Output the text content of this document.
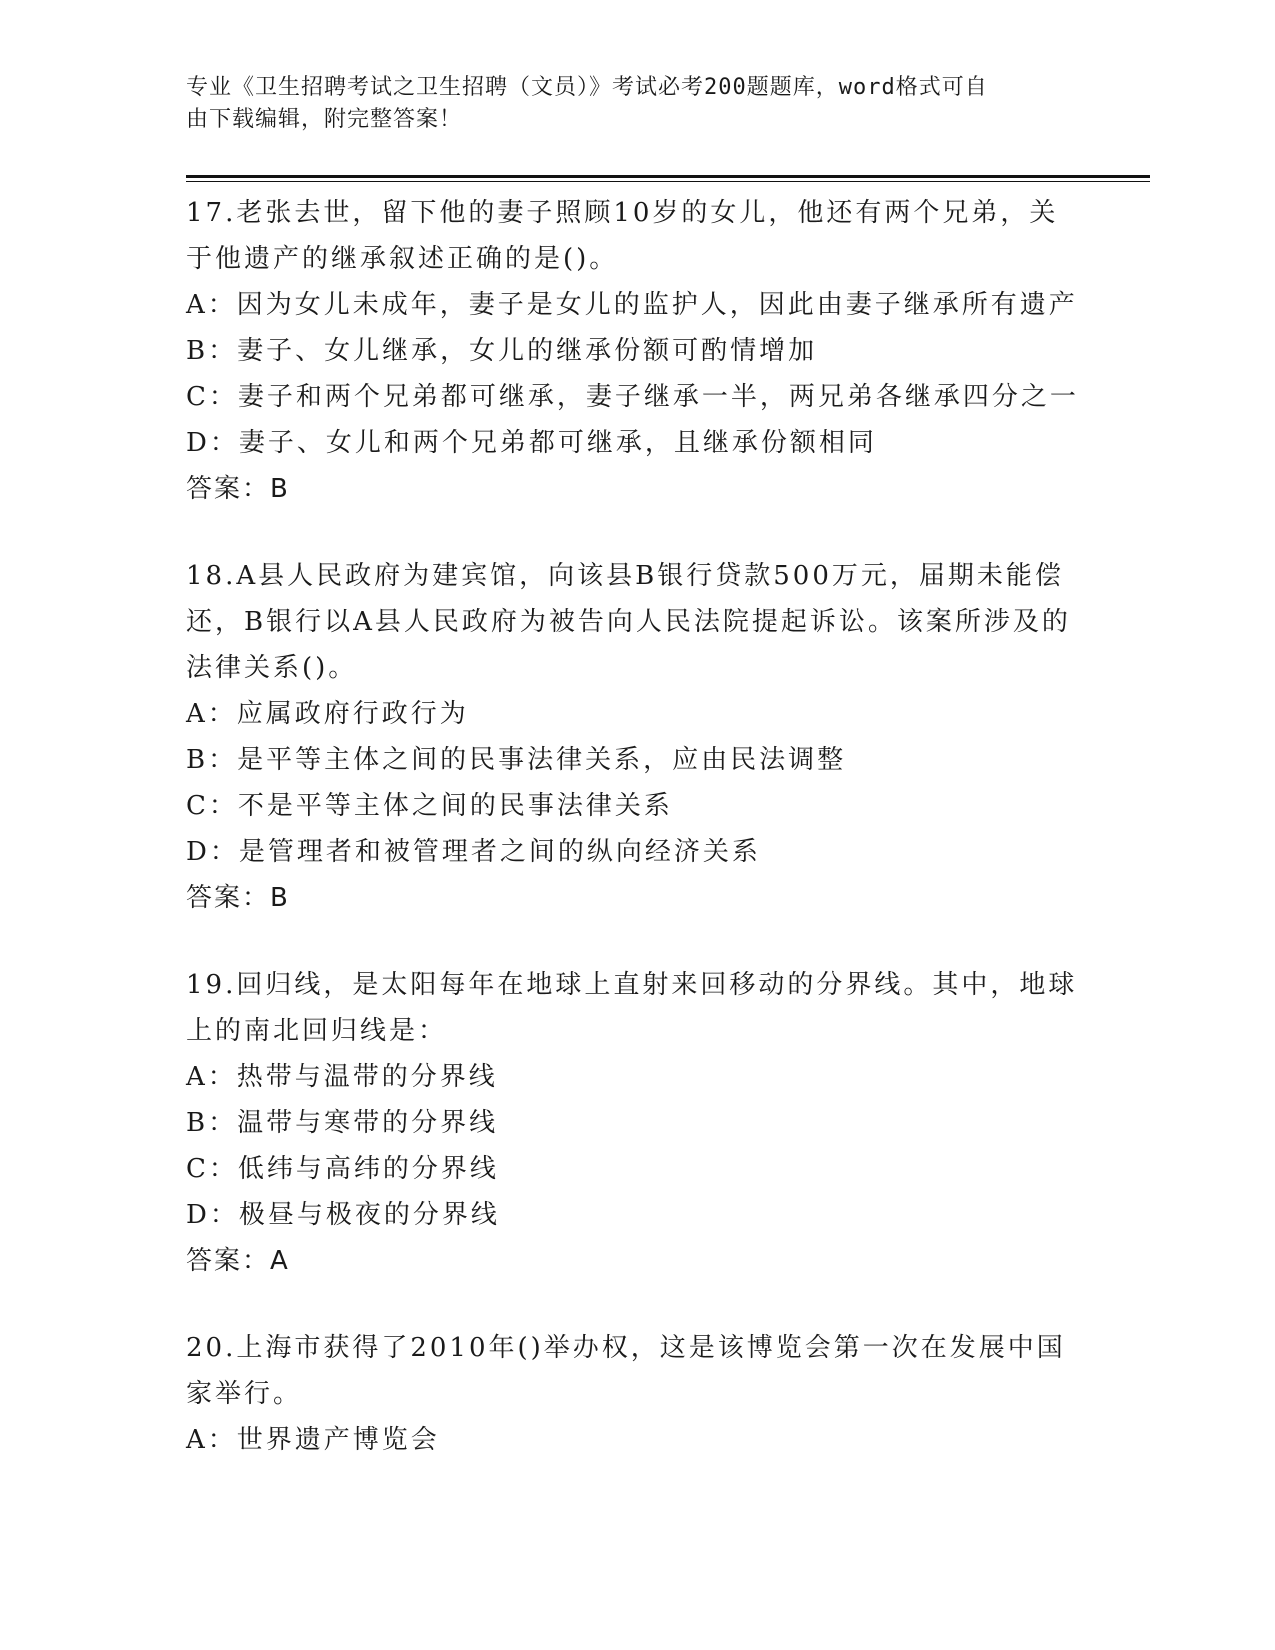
专业《卫生招聘考试之卫生招聘（文员）》考试必考200题题库，word格式可自
由下载编辑，附完整答案！

17.老张去世，留下他的妻子照顾10岁的女儿，他还有两个兄弟，关

于他遗产的继承叙述正确的是()。

A：因为女儿未成年，妻子是女儿的监护人，因此由妻子继承所有遗产

B：妻子、女儿继承，女儿的继承份额可酌情增加

C：妻子和两个兄弟都可继承，妻子继承一半，两兄弟各继承四分之一

D：妻子、女儿和两个兄弟都可继承，且继承份额相同

答案：B

18.A县人民政府为建宾馆，向该县B银行贷款500万元，届期未能偿

还，B银行以A县人民政府为被告向人民法院提起诉讼。该案所涉及的

法律关系()。

A：应属政府行政行为

B：是平等主体之间的民事法律关系，应由民法调整

C：不是平等主体之间的民事法律关系

D：是管理者和被管理者之间的纵向经济关系

答案：B

19.回归线，是太阳每年在地球上直射来回移动的分界线。其中，地球

上的南北回归线是：

A：热带与温带的分界线

B：温带与寒带的分界线

C：低纬与高纬的分界线

D：极昼与极夜的分界线

答案：A

20.上海市获得了2010年()举办权，这是该博览会第一次在发展中国

家举行。

A：世界遗产博览会
